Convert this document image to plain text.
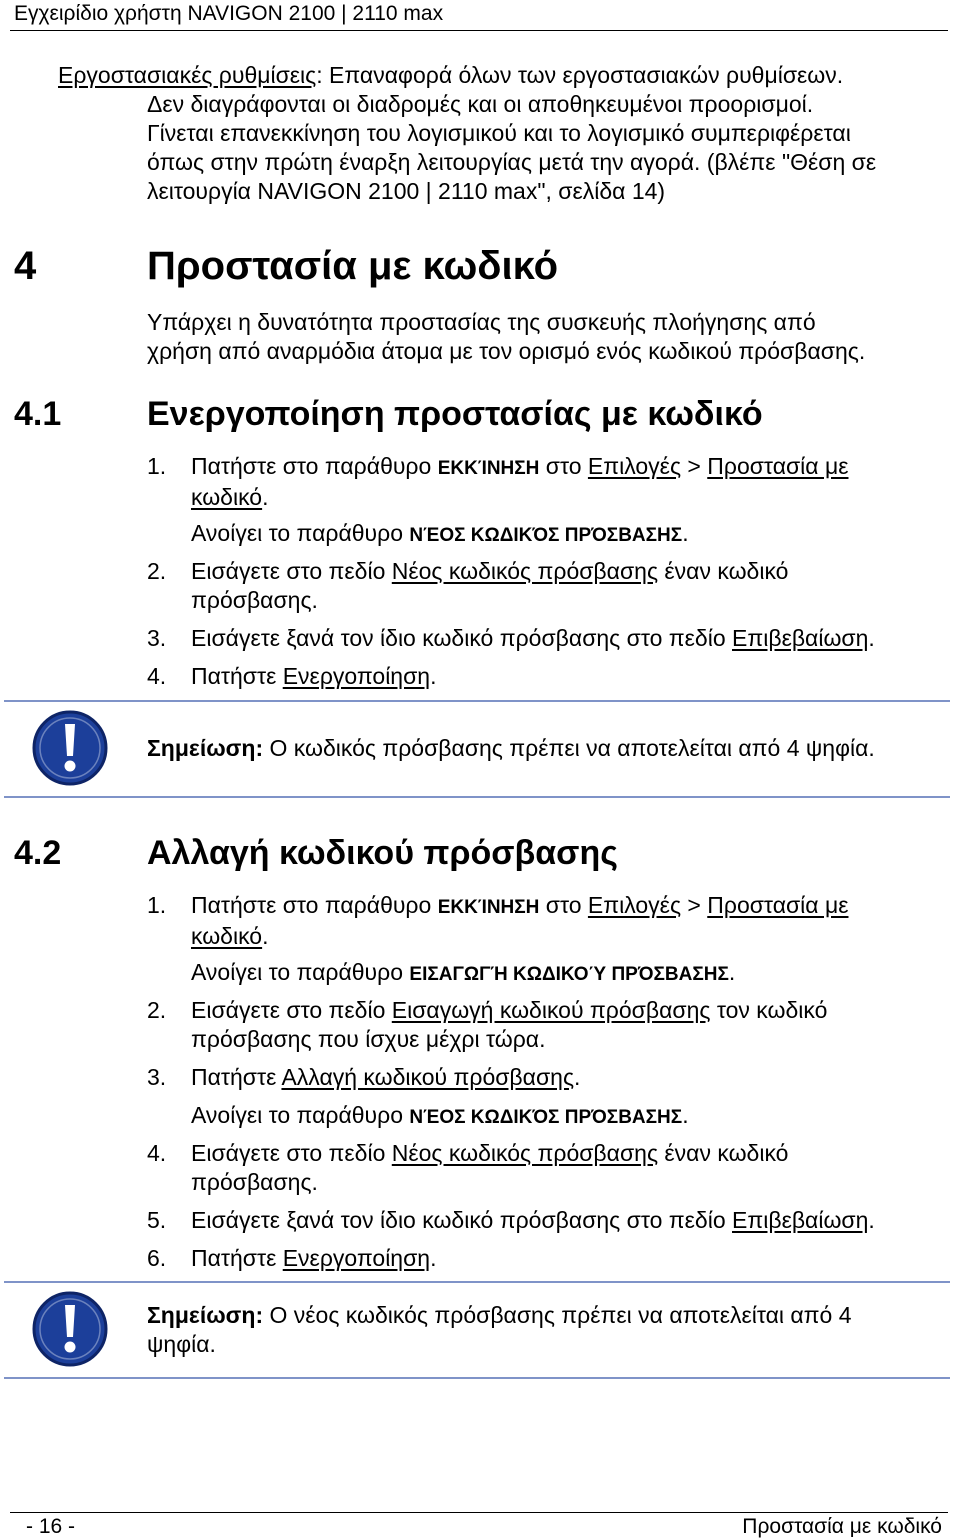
Εγχειρίδιο χρήστη NAVIGON 2100 | 2110 max
Εργοστασιακές ρυθμίσεις: Επαναφορά όλων των εργοστασιακών ρυθμίσεων.
Δεν διαγράφονται οι διαδρομές και οι αποθηκευμένοι προορισμοί.
Γίνεται επανεκκίνηση του λογισμικού και το λογισμικό συμπεριφέρεται
όπως στην πρώτη έναρξη λειτουργίας μετά την αγορά. (βλέπε "Θέση σε
λειτουργία NAVIGON 2100 | 2110 max", σελίδα 14)
4	Προστασία με κωδικό
Υπάρχει η δυνατότητα προστασίας της συσκευής πλοήγησης από
χρήση από αναρμόδια άτομα με τον ορισμό ενός κωδικού πρόσβασης.
4.1	Ενεργοποίηση προστασίας με κωδικό
1. Πατήστε στο παράθυρο ΕΚΚΊΝΗΣΗ στο Επιλογές > Προστασία με
κωδικό.
Ανοίγει το παράθυρο ΝΈΟΣ ΚΩΔΙΚΌΣ ΠΡΌΣΒΑΣΗΣ.
2. Εισάγετε στο πεδίο Νέος κωδικός πρόσβασης έναν κωδικό
πρόσβασης.
3. Εισάγετε ξανά τον ίδιο κωδικό πρόσβασης στο πεδίο Επιβεβαίωση.
4. Πατήστε Ενεργοποίηση.
Σημείωση: Ο κωδικός πρόσβασης πρέπει να αποτελείται από 4 ψηφία.
4.2	Αλλαγή κωδικού πρόσβασης
1. Πατήστε στο παράθυρο ΕΚΚΊΝΗΣΗ στο Επιλογές > Προστασία με
κωδικό.
Ανοίγει το παράθυρο ΕΙΣΑΓΩΓΉ ΚΩΔΙΚΟΎ ΠΡΌΣΒΑΣΗΣ.
2. Εισάγετε στο πεδίο Εισαγωγή κωδικού πρόσβασης τον κωδικό
πρόσβασης που ίσχυε μέχρι τώρα.
3. Πατήστε Αλλαγή κωδικού πρόσβασης.
Ανοίγει το παράθυρο ΝΈΟΣ ΚΩΔΙΚΌΣ ΠΡΌΣΒΑΣΗΣ.
4. Εισάγετε στο πεδίο Νέος κωδικός πρόσβασης έναν κωδικό
πρόσβασης.
5. Εισάγετε ξανά τον ίδιο κωδικό πρόσβασης στο πεδίο Επιβεβαίωση.
6. Πατήστε Ενεργοποίηση.
Σημείωση: Ο νέος κωδικός πρόσβασης πρέπει να αποτελείται από 4
ψηφία.
- 16 -	Προστασία με κωδικό
